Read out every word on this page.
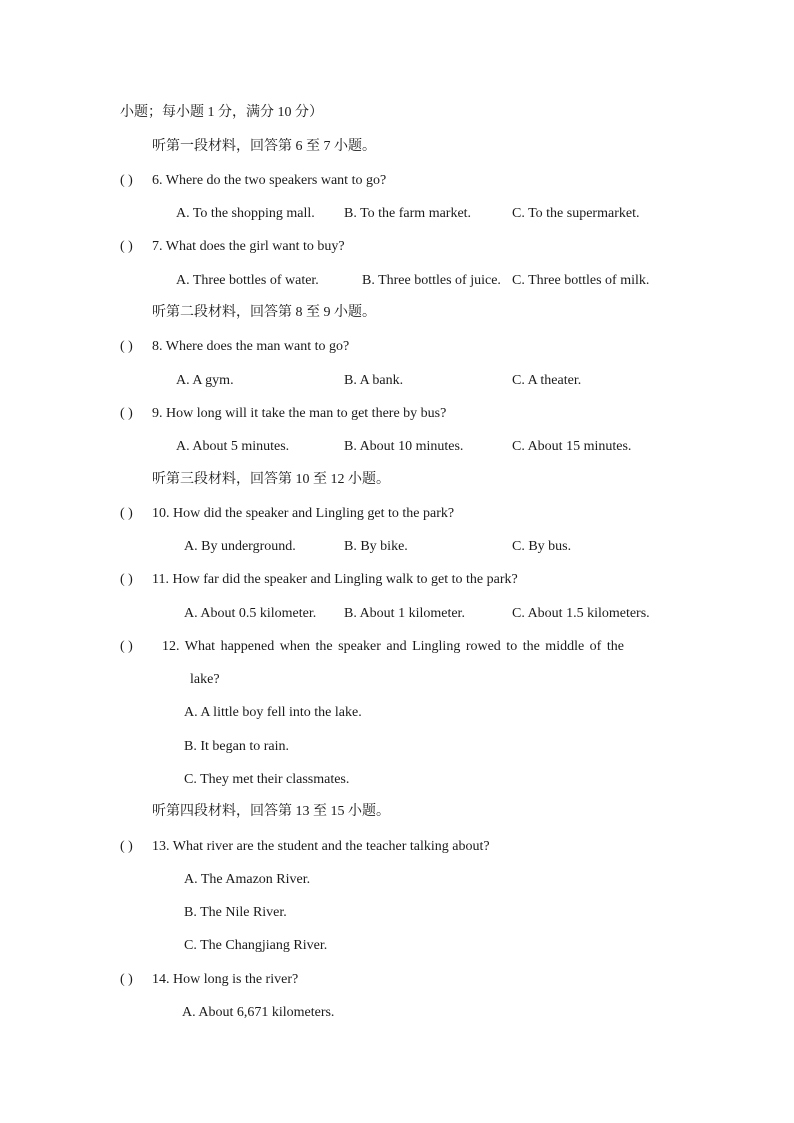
小题；每小题 1 分，满分 10 分）
听第一段材料，回答第 6 至 7 小题。
( ) 6. Where do the two speakers want to go?
A. To the shopping mall. B. To the farm market.	C. To the supermarket.
( ) 7. What does the girl want to buy?
A. Three bottles of water.	B. Three bottles of juice. C. Three bottles of milk.
听第二段材料，回答第 8 至 9 小题。
( ) 8. Where does the man want to go?
A. A gym.	B. A bank.	C. A theater.
( ) 9. How long will it take the man to get there by bus?
A. About 5 minutes.	B. About 10 minutes.	C. About 15 minutes.
听第三段材料，回答第 10 至 12 小题。
( ) 10. How did the speaker and Lingling get to the park?
A. By underground.	B. By bike.	C. By bus.
( ) 11. How far did the speaker and Lingling walk to get to the park?
A. About 0.5 kilometer. B. About 1 kilometer.	C. About 1.5 kilometers.
( ) 12. What happened when the speaker and Lingling rowed to the middle of the
lake?
A. A little boy fell into the lake.
B. It began to rain.
C. They met their classmates.
听第四段材料，回答第 13 至 15 小题。
( ) 13. What river are the student and the teacher talking about?
A. The Amazon River.
B. The Nile River.
C. The Changjiang River.
( ) 14. How long is the river?
A. About 6,671 kilometers.
